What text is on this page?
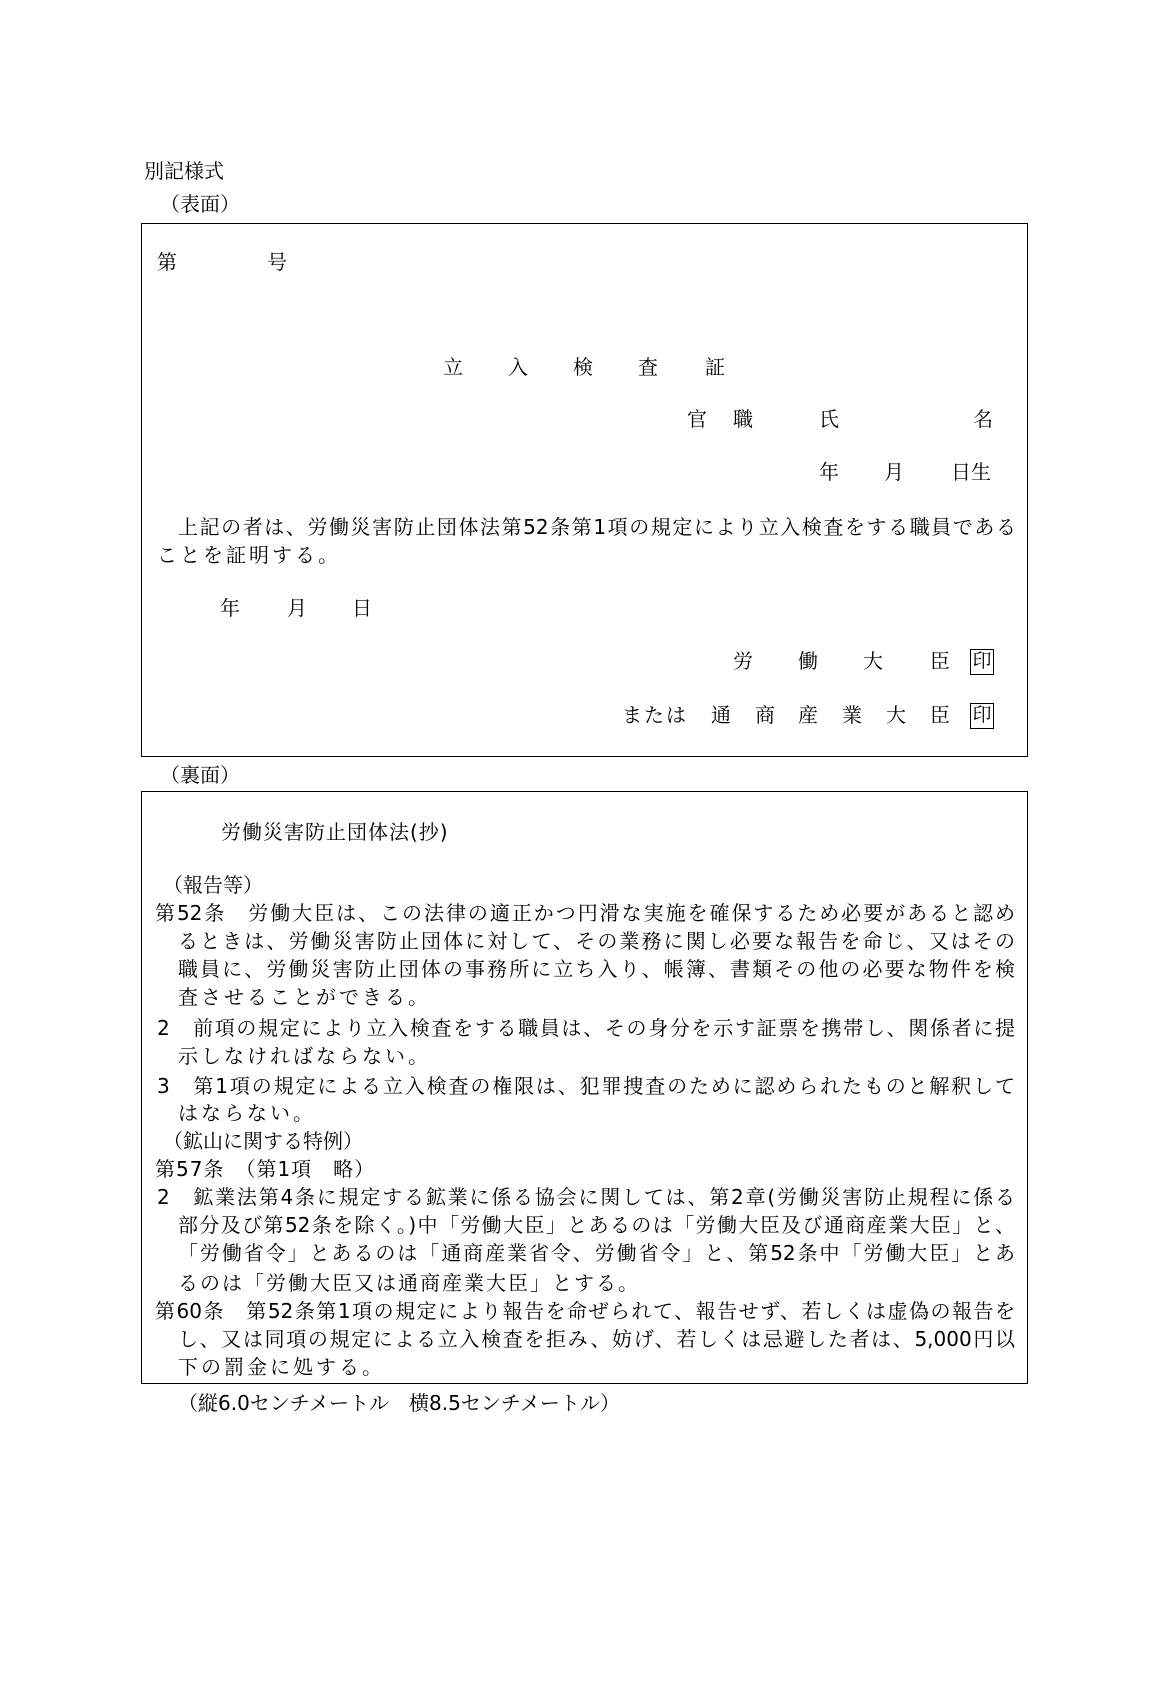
別記様式
（表面）
第	号
立 入 検 査 証
官 職	氏	名
年 月 日生
上記の者は、労働災害防止団体法第52条第1項の規定により立入検査をする職員である
ことを証明する。
年 月 日
労 働 大 臣 印
または 通 商 産 業 大 臣 印
（裏面）
労働災害防止団体法(抄)
（報告等）
第52条　労働大臣は、この法律の適正かつ円滑な実施を確保するため必要があると認め
るときは、労働災害防止団体に対して、その業務に関し必要な報告を命じ、又はその
職員に、労働災害防止団体の事務所に立ち入り、帳簿、書類その他の必要な物件を検
査させることができる。
2　前項の規定により立入検査をする職員は、その身分を示す証票を携帯し、関係者に提
示しなければならない。
3　第1項の規定による立入検査の権限は、犯罪捜査のために認められたものと解釈して
はならない。
（鉱山に関する特例）
第57条　（第1項　略）
2　鉱業法第4条に規定する鉱業に係る協会に関しては、第2章(労働災害防止規程に係る
部分及び第52条を除く。)中「労働大臣」とあるのは「労働大臣及び通商産業大臣」と、
「労働省令」とあるのは「通商産業省令、労働省令」と、第52条中「労働大臣」とあ
るのは「労働大臣又は通商産業大臣」とする。
第60条　第52条第1項の規定により報告を命ぜられて、報告せず、若しくは虚偽の報告を
し、又は同項の規定による立入検査を拒み、妨げ、若しくは忌避した者は、5,000円以
下の罰金に処する。
（縦6.0センチメートル　横8.5センチメートル）
